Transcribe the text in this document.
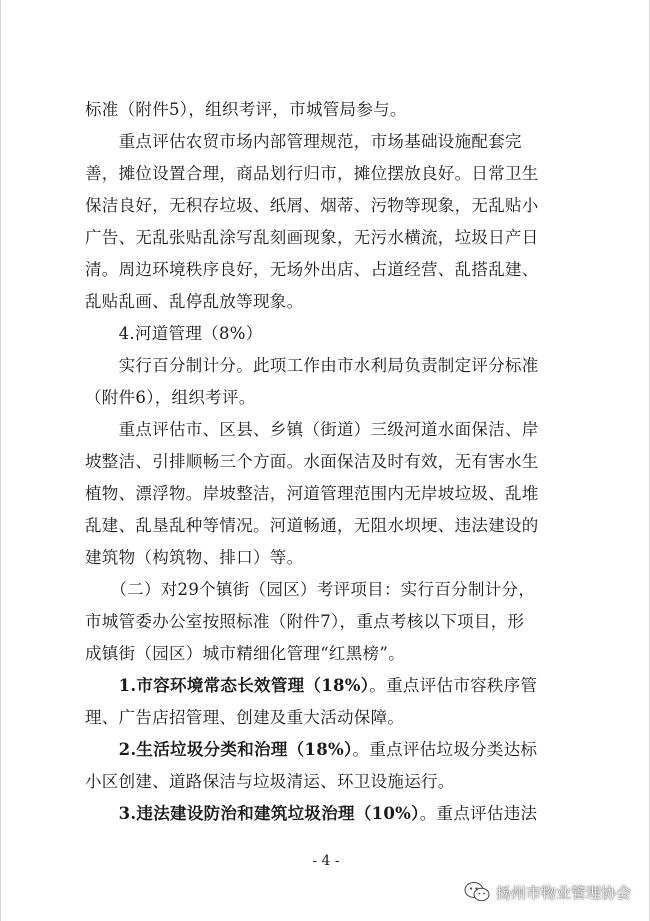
标准（附件5），组织考评，市城管局参与。

　　重点评估农贸市场内部管理规范，市场基础设施配套完

善，摊位设置合理，商品划行归市，摊位摆放良好。日常卫生

保洁良好，无积存垃圾、纸屑、烟蒂、污物等现象，无乱贴小

广告、无乱张贴乱涂写乱刻画现象，无污水横流，垃圾日产日

清。周边环境秩序良好，无场外出店、占道经营、乱搭乱建、

乱贴乱画、乱停乱放等现象。

　　4.河道管理（8%）

　　实行百分制计分。此项工作由市水利局负责制定评分标准

（附件6），组织考评。

　　重点评估市、区县、乡镇（街道）三级河道水面保洁、岸

坡整洁、引排顺畅三个方面。水面保洁及时有效，无有害水生

植物、漂浮物。岸坡整洁，河道管理范围内无岸坡垃圾、乱堆

乱建、乱垦乱种等情况。河道畅通，无阻水坝埂、违法建设的

建筑物（构筑物、排口）等。

　　（二）对29个镇街（园区）考评项目：实行百分制计分，

市城管委办公室按照标准（附件7），重点考核以下项目，形

成镇街（园区）城市精细化管理“红黑榜”。

　　1.市容环境常态长效管理（18%）。重点评估市容秩序管

理、广告店招管理、创建及重大活动保障。

　　2.生活垃圾分类和治理（18%）。重点评估垃圾分类达标

小区创建、道路保洁与垃圾清运、环卫设施运行。

　　3.违法建设防治和建筑垃圾治理（10%）。重点评估违法

- 4 -
扬州市物业管理协会
